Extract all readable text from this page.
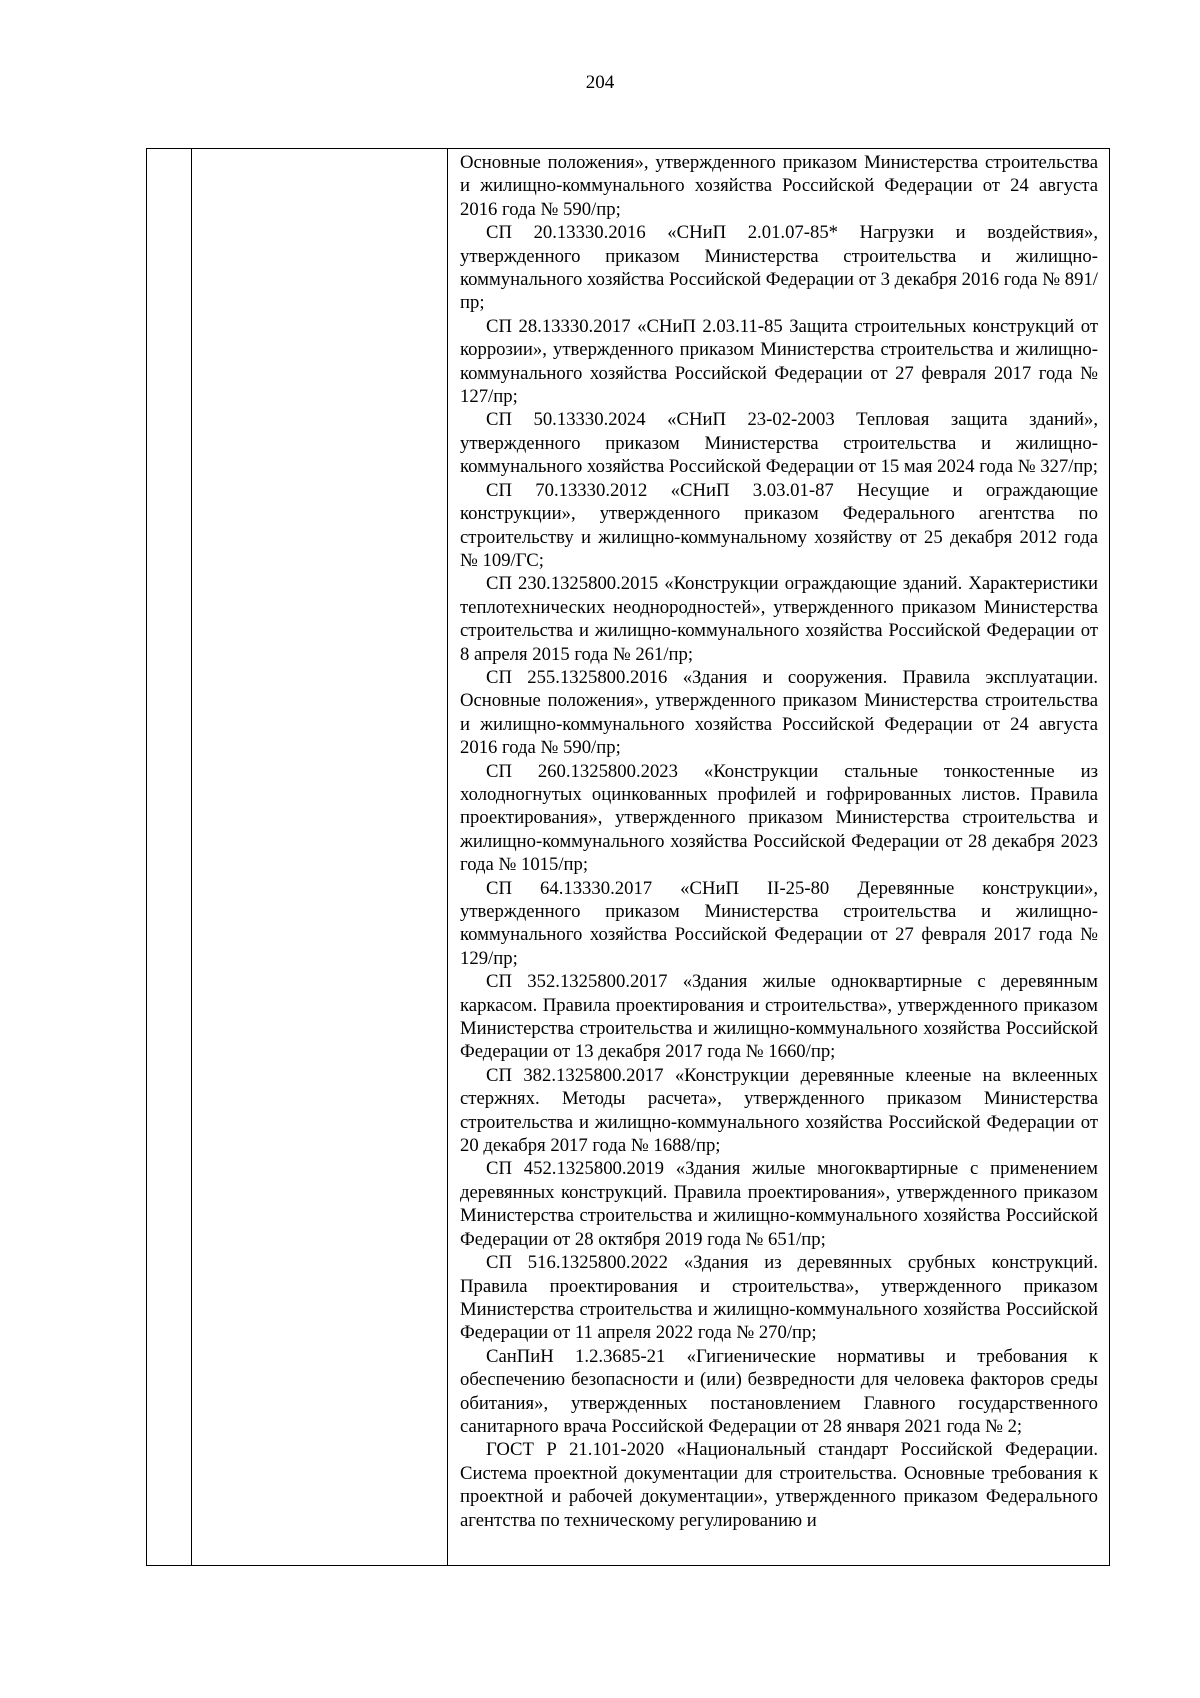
204

Основные положения», утвержденного приказом Министерства строительства и жилищно-коммунального хозяйства Российской Федерации от 24 августа 2016 года № 590/пр;

СП 20.13330.2016 «СНиП 2.01.07-85* Нагрузки и воздействия», утвержденного приказом Министерства строительства и жилищно-коммунального хозяйства Российской Федерации от 3 декабря 2016 года № 891/пр;

СП 28.13330.2017 «СНиП 2.03.11-85 Защита строительных конструкций от коррозии», утвержденного приказом Министерства строительства и жилищно-коммунального хозяйства Российской Федерации от 27 февраля 2017 года № 127/пр;

СП 50.13330.2024 «СНиП 23-02-2003 Тепловая защита зданий», утвержденного приказом Министерства строительства и жилищно-коммунального хозяйства Российской Федерации от 15 мая 2024 года № 327/пр;

СП 70.13330.2012 «СНиП 3.03.01-87 Несущие и ограждающие конструкции», утвержденного приказом Федерального агентства по строительству и жилищно-коммунальному хозяйству от 25 декабря 2012 года № 109/ГС;

СП 230.1325800.2015 «Конструкции ограждающие зданий. Характеристики теплотехнических неоднородностей», утвержденного приказом Министерства строительства и жилищно-коммунального хозяйства Российской Федерации от 8 апреля 2015 года № 261/пр;

СП 255.1325800.2016 «Здания и сооружения. Правила эксплуатации. Основные положения», утвержденного приказом Министерства строительства и жилищно-коммунального хозяйства Российской Федерации от 24 августа 2016 года № 590/пр;

СП 260.1325800.2023 «Конструкции стальные тонкостенные из холодногнутых оцинкованных профилей и гофрированных листов. Правила проектирования», утвержденного приказом Министерства строительства и жилищно-коммунального хозяйства Российской Федерации от 28 декабря 2023 года № 1015/пр;

СП 64.13330.2017 «СНиП II-25-80 Деревянные конструкции», утвержденного приказом Министерства строительства и жилищно-коммунального хозяйства Российской Федерации от 27 февраля 2017 года № 129/пр;

СП 352.1325800.2017 «Здания жилые одноквартирные с деревянным каркасом. Правила проектирования и строительства», утвержденного приказом Министерства строительства и жилищно-коммунального хозяйства Российской Федерации от 13 декабря 2017 года № 1660/пр;

СП 382.1325800.2017 «Конструкции деревянные клееные на вклеенных стержнях. Методы расчета», утвержденного приказом Министерства строительства и жилищно-коммунального хозяйства Российской Федерации от 20 декабря 2017 года № 1688/пр;

СП 452.1325800.2019 «Здания жилые многоквартирные с применением деревянных конструкций. Правила проектирования», утвержденного приказом Министерства строительства и жилищно-коммунального хозяйства Российской Федерации от 28 октября 2019 года № 651/пр;

СП 516.1325800.2022 «Здания из деревянных срубных конструкций. Правила проектирования и строительства», утвержденного приказом Министерства строительства и жилищно-коммунального хозяйства Российской Федерации от 11 апреля 2022 года № 270/пр;

СанПиН 1.2.3685-21 «Гигиенические нормативы и требования к обеспечению безопасности и (или) безвредности для человека факторов среды обитания», утвержденных постановлением Главного государственного санитарного врача Российской Федерации от 28 января 2021 года № 2;

ГОСТ Р 21.101-2020 «Национальный стандарт Российской Федерации. Система проектной документации для строительства. Основные требования к проектной и рабочей документации», утвержденного приказом Федерального агентства по техническому регулированию и
